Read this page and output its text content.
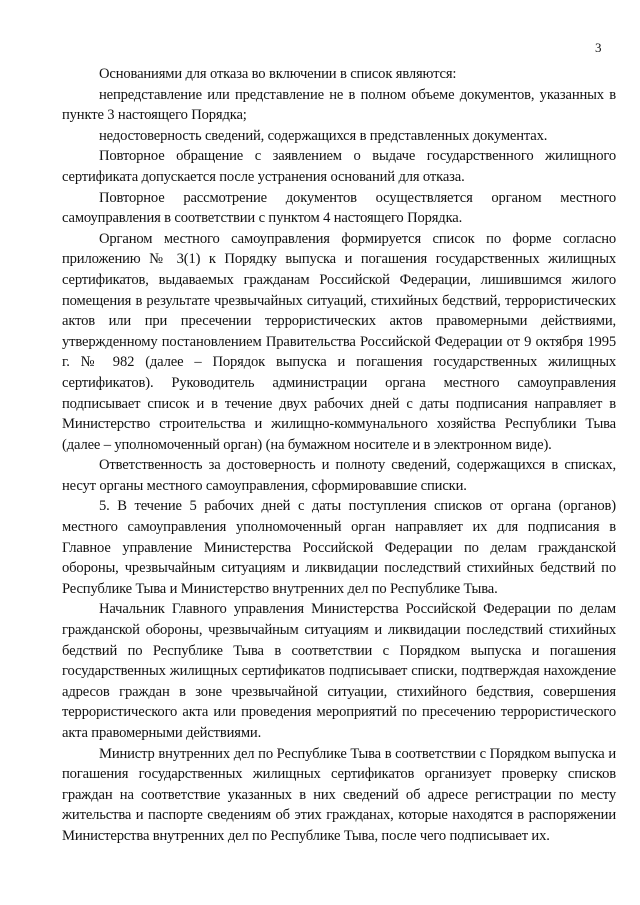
3

Основаниями для отказа во включении в список являются:

непредставление или представление не в полном объеме документов, указанных в пункте 3 настоящего Порядка;

недостоверность сведений, содержащихся в представленных документах.

Повторное обращение с заявлением о выдаче государственного жилищного сертификата допускается после устранения оснований для отказа.

Повторное рассмотрение документов осуществляется органом местного самоуправления в соответствии с пунктом 4 настоящего Порядка.

Органом местного самоуправления формируется список по форме согласно приложению № 3(1) к Порядку выпуска и погашения государственных жилищных сертификатов, выдаваемых гражданам Российской Федерации, лишившимся жилого помещения в результате чрезвычайных ситуаций, стихийных бедствий, террористических актов или при пресечении террористических актов правомерными действиями, утвержденному постановлением Правительства Российской Федерации от 9 октября 1995 г. № 982 (далее – Порядок выпуска и погашения государственных жилищных сертификатов). Руководитель администрации органа местного самоуправления подписывает список и в течение двух рабочих дней с даты подписания направляет в Министерство строительства и жилищно-коммунального хозяйства Республики Тыва (далее – уполномоченный орган) (на бумажном носителе и в электронном виде).

Ответственность за достоверность и полноту сведений, содержащихся в списках, несут органы местного самоуправления, сформировавшие списки.

5. В течение 5 рабочих дней с даты поступления списков от органа (органов) местного самоуправления уполномоченный орган направляет их для подписания в Главное управление Министерства Российской Федерации по делам гражданской обороны, чрезвычайным ситуациям и ликвидации последствий стихийных бедствий по Республике Тыва и Министерство внутренних дел по Республике Тыва.

Начальник Главного управления Министерства Российской Федерации по делам гражданской обороны, чрезвычайным ситуациям и ликвидации последствий стихийных бедствий по Республике Тыва в соответствии с Порядком выпуска и погашения государственных жилищных сертификатов подписывает списки, подтверждая нахождение адресов граждан в зоне чрезвычайной ситуации, стихийного бедствия, совершения террористического акта или проведения мероприятий по пресечению террористического акта правомерными действиями.

Министр внутренних дел по Республике Тыва в соответствии с Порядком выпуска и погашения государственных жилищных сертификатов организует проверку списков граждан на соответствие указанных в них сведений об адресе регистрации по месту жительства и паспорте сведениям об этих гражданах, которые находятся в распоряжении Министерства внутренних дел по Республике Тыва, после чего подписывает их.
